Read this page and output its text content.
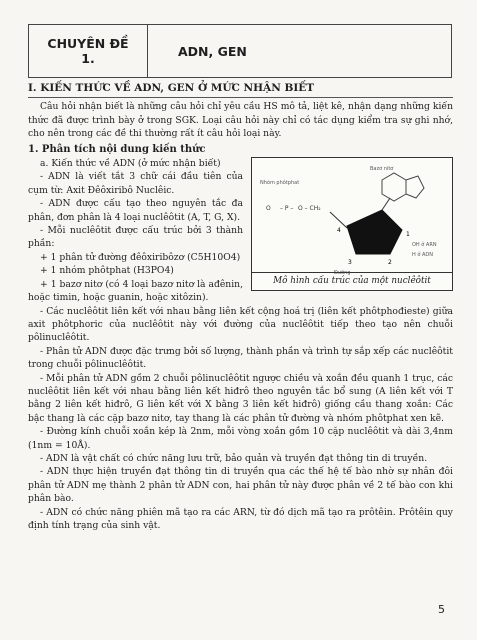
CHUYÊN ĐỀ
1.	ADN, GEN
I. KIẾN THỨC VỀ ADN, GEN Ở MỨC NHẬN BIẾT

Câu hỏi nhận biết là những câu hỏi chỉ yêu cầu HS mô tả, liệt kê, nhận dạng những kiến thức đã được trình bày ở trong SGK. Loại câu hỏi này chỉ có tác dụng kiểm tra sự ghi nhớ, cho nên trong các đề thi thường rất ít câu hỏi loại này.

1. Phân tích nội dung kiến thức
Bazơ nitơ
Nhóm phôtphat
O – P – O – CH₂
4
1
3	2
OH ở ARN
H ở ADN
Đường
Mô hình cấu trúc của một nuclêôtit

a. Kiến thức về ADN (ở mức nhận biết)

- ADN là viết tắt 3 chữ cái đầu tiên của cụm từ: Axit Đêôxiribô Nuclêic.

- ADN được cấu tạo theo nguyên tắc đa phân, đơn phân là 4 loại nuclêôtit (A, T, G, X).

- Mỗi nuclêôtit được cấu trúc bởi 3 thành phần:

+ 1 phân tử đường đêôxiribôzơ (C5H10O4)

+ 1 nhóm phôtphat (H3PO4)

+ 1 bazơ nitơ (có 4 loại bazơ nitơ là ađênin, hoặc timin, hoặc guanin, hoặc xitôzin).

- Các nuclêôtit liên kết với nhau bằng liên kết cộng hoá trị (liên kết phôtphođieste) giữa axit phôtphoric của nuclêôtit này với đường của nuclêôtit tiếp theo tạo nên chuỗi pôlinuclêôtit.

- Phân tử ADN được đặc trưng bởi số lượng, thành phần và trình tự sắp xếp các nuclêôtit trong chuỗi pôlinuclêôtit.

- Mỗi phân tử ADN gồm 2 chuỗi pôlinuclêôtit ngược chiều và xoắn đều quanh 1 trục, các nuclêôtit liên kết với nhau bằng liên kết hiđrô theo nguyên tắc bổ sung (A liên kết với T bằng 2 liên kết hiđrô, G liên kết với X bằng 3 liên kết hiđrô) giống cầu thang xoắn: Các bậc thang là các cặp bazơ nitơ, tay thang là các phân tử đường và nhóm phôtphat xen kẽ.

- Đường kính chuỗi xoắn kép là 2nm, mỗi vòng xoắn gồm 10 cặp nuclêôtit và dài 3,4nm (1nm = 10Å).

- ADN là vật chất có chức năng lưu trữ, bảo quản và truyền đạt thông tin di truyền.

- ADN thực hiện truyền đạt thông tin di truyền qua các thế hệ tế bào nhờ sự nhân đôi phân tử ADN mẹ thành 2 phân tử ADN con, hai phân tử này được phân về 2 tế bào con khi phân bào.

- ADN có chức năng phiên mã tạo ra các ARN, từ đó dịch mã tạo ra prôtêin. Prôtêin quy định tính trạng của sinh vật.

5
